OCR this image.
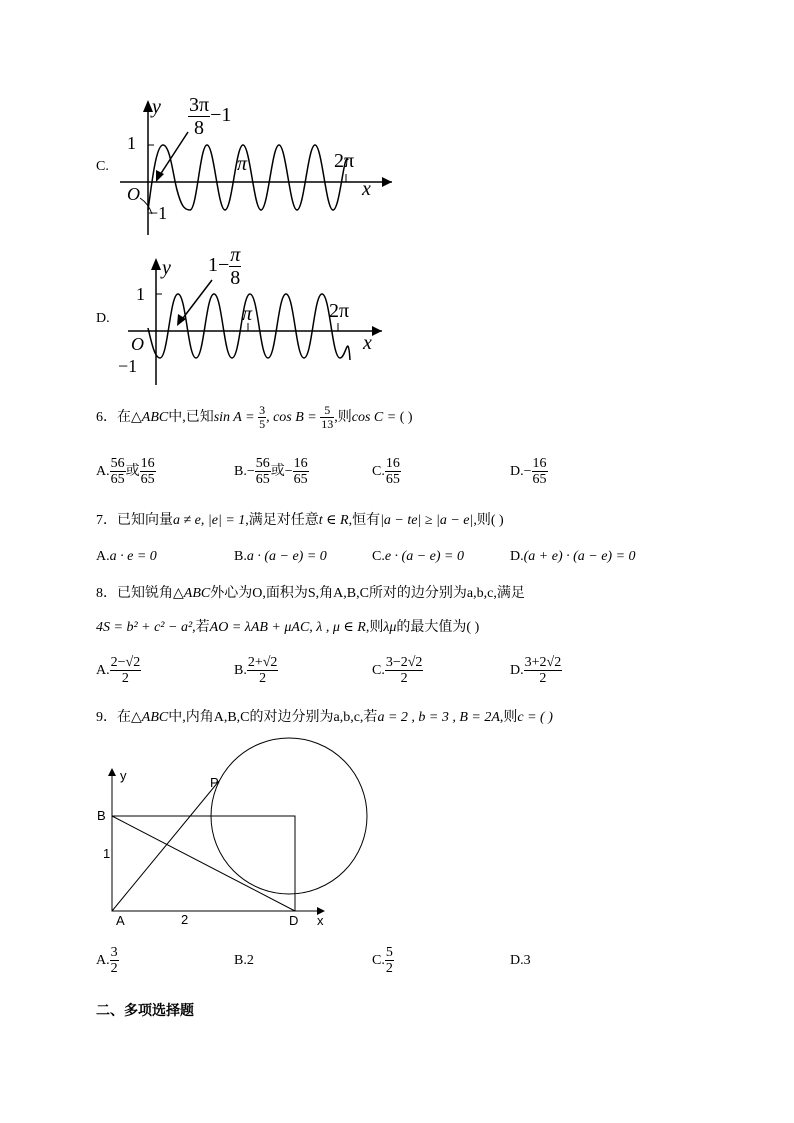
C.
y
1
O
−1
π	2π
x
$\frac{3\pi}{8} -1$
D.
y
1
O
−1
π	2π
x
$1- \frac{\pi}{8}$
6．在△ABC中,已知$\sin A = \frac{3}{5}$ , $\cos B = \frac{5}{13}$ ,则cos C = ( )
A. $\frac{56}{65}$ 或 $\frac{16}{65}$	$B.- \frac{56}{65}$ 或− $\frac{16}{65}$	C. $\frac{16}{65}$	$D.- \frac{16}{65}$
7．已知向量a ≠ e, |e| = 1,满足对任意t ∈ R,恒有|a − te| ≥ |a − e|,则( )
A.a · e = 0	B.a · (a − e) = 0	C.e · (a − e) = 0	D.(a + e) · (a − e) = 0
8．已知锐角△ABC外心为O,面积为S,角A,B,C所对的边分别为a,b,c,满足
4S = b² + c² − a²,若AO = λAB + μAC, λ , μ ∈ R,则λμ的最大值为( )
A. $\frac{2-√2}{2}$	B. $\frac{2+√2}{2}$	C. $\frac{3-2√2}{2}$	D. $\frac{3+2√2}{2}$
9．在△ABC中,内角A,B,C的对边分别为a,b,c,若a = 2 , b = 3 , B = 2A,则c = ( )
y	P
B
1
A	2	D x
A. $\frac{3}{2}$	B.2	C. $\frac{5}{2}$	D.3
二、多项选择题
